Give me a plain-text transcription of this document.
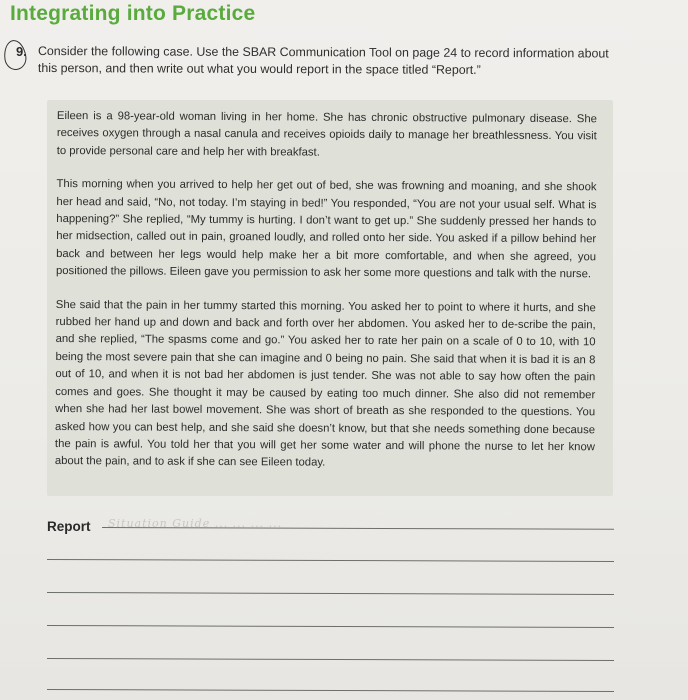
Integrating into Practice
9. Consider the following case. Use the SBAR Communication Tool on page 24 to record information about this person, and then write out what you would report in the space titled “Report.”

Eileen is a 98-year-old woman living in her home. She has chronic obstructive pulmonary disease. She receives oxygen through a nasal canula and receives opioids daily to manage her breathlessness. You visit to provide personal care and help her with breakfast.

This morning when you arrived to help her get out of bed, she was frowning and moaning, and she shook her head and said, “No, not today. I’m staying in bed!” You responded, “You are not your usual self. What is happening?” She replied, “My tummy is hurting. I don’t want to get up.” She suddenly pressed her hands to her midsection, called out in pain, groaned loudly, and rolled onto her side. You asked if a pillow behind her back and between her legs would help make her a bit more comfortable, and when she agreed, you positioned the pillows. Eileen gave you permission to ask her some more questions and talk with the nurse.

She said that the pain in her tummy started this morning. You asked her to point to where it hurts, and she rubbed her hand up and down and back and forth over her abdomen. You asked her to de-scribe the pain, and she replied, “The spasms come and go.” You asked her to rate her pain on a scale of 0 to 10, with 10 being the most severe pain that she can imagine and 0 being no pain. She said that when it is bad it is an 8 out of 10, and when it is not bad her abdomen is just tender. She was not able to say how often the pain comes and goes. She thought it may be caused by eating too much dinner. She also did not remember when she had her last bowel movement. She was short of breath as she responded to the questions. You asked how you can best help, and she said she doesn’t know, but that she needs something done because the pain is awful. You told her that you will get her some water and will phone the nurse to let her know about the pain, and to ask if she can see Eileen today.

Report Situation Guide ... ... ... ...
